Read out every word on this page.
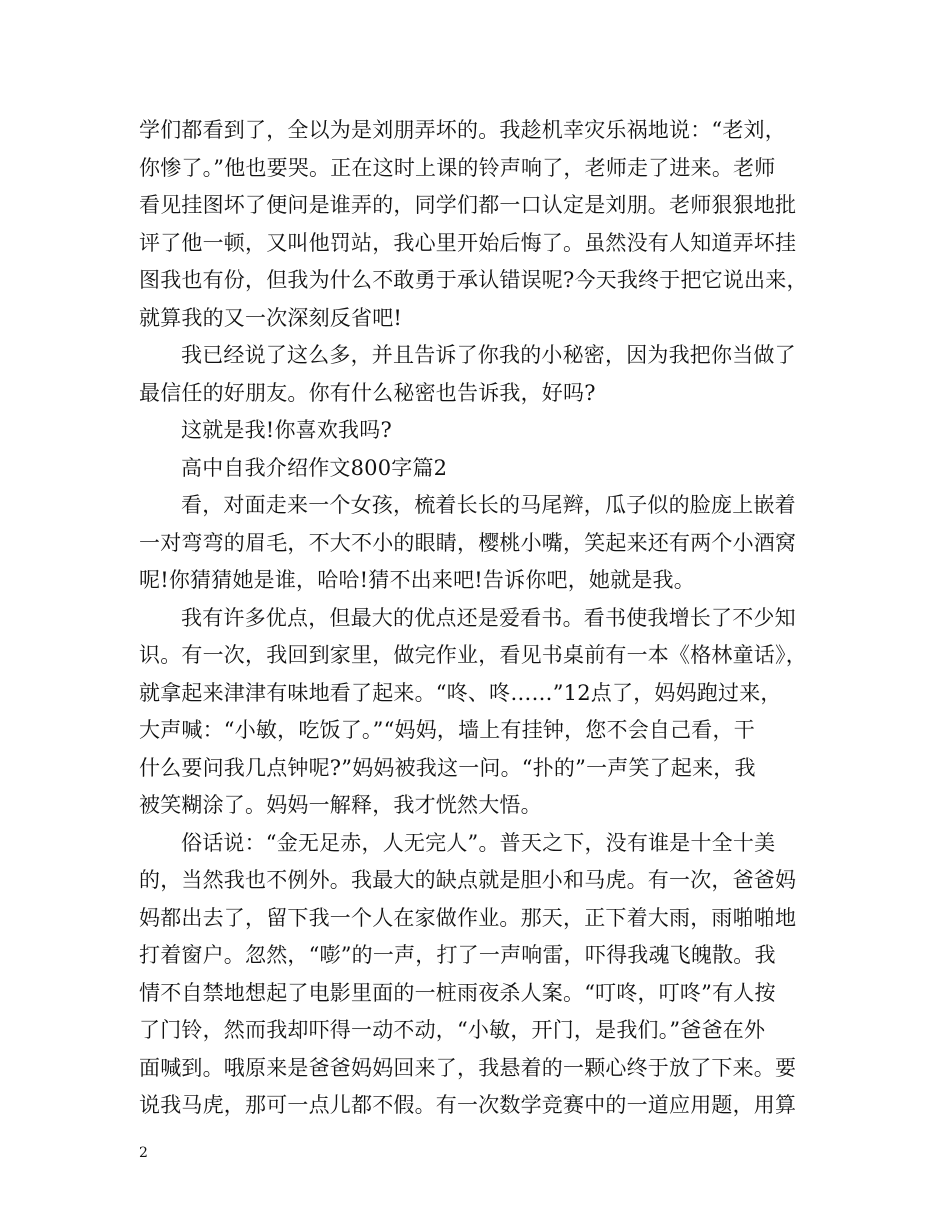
学们都看到了，全以为是刘朋弄坏的。我趁机幸灾乐祸地说：“老刘，
你惨了。”他也要哭。正在这时上课的铃声响了，老师走了进来。老师
看见挂图坏了便问是谁弄的，同学们都一口认定是刘朋。老师狠狠地批
评了他一顿，又叫他罚站，我心里开始后悔了。虽然没有人知道弄坏挂
图我也有份，但我为什么不敢勇于承认错误呢?今天我终于把它说出来，
就算我的又一次深刻反省吧!
我已经说了这么多，并且告诉了你我的小秘密，因为我把你当做了
最信任的好朋友。你有什么秘密也告诉我，好吗?
这就是我!你喜欢我吗?
高中自我介绍作文800字篇2
看，对面走来一个女孩，梳着长长的马尾辫，瓜子似的脸庞上嵌着
一对弯弯的眉毛，不大不小的眼睛，樱桃小嘴，笑起来还有两个小酒窝
呢!你猜猜她是谁，哈哈!猜不出来吧!告诉你吧，她就是我。
我有许多优点，但最大的优点还是爱看书。看书使我增长了不少知
识。有一次，我回到家里，做完作业，看见书桌前有一本《格林童话》，
就拿起来津津有味地看了起来。“咚、咚……”12点了，妈妈跑过来，
大声喊：“小敏，吃饭了。”“妈妈，墙上有挂钟，您不会自己看，干
什么要问我几点钟呢?”妈妈被我这一问。“扑的”一声笑了起来，我
被笑糊涂了。妈妈一解释，我才恍然大悟。
俗话说：“金无足赤，人无完人”。普天之下，没有谁是十全十美
的，当然我也不例外。我最大的缺点就是胆小和马虎。有一次，爸爸妈
妈都出去了，留下我一个人在家做作业。那天，正下着大雨，雨啪啪地
打着窗户。忽然，“嘭”的一声，打了一声响雷，吓得我魂飞魄散。我
情不自禁地想起了电影里面的一桩雨夜杀人案。“叮咚，叮咚”有人按
了门铃，然而我却吓得一动不动，“小敏，开门，是我们。”爸爸在外
面喊到。哦原来是爸爸妈妈回来了，我悬着的一颗心终于放了下来。要
说我马虎，那可一点儿都不假。有一次数学竞赛中的一道应用题，用算
2
